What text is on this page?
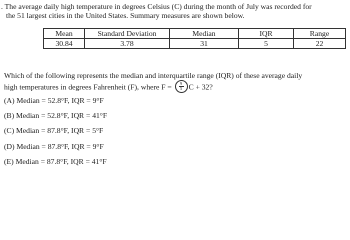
. The average daily high temperature in degrees Celsius (C) during the month of July was recorded for
the 51 largest cities in the United States. Summary measures are shown below.
Mean	Standard Deviation	Median	IQR	Range
30.84	3.78	31	5	22
Which of the following represents the median and interquartile range (IQR) of these average daily
high temperatures in degrees Fahrenheit (F), where $F = \frac{9}{5}$ C + 32?
(A) Median = 52.8°F, IQR = 9°F
(B) Median = 52.8°F, IQR = 41°F
(C) Median = 87.8°F, IQR = 5°F
(D) Median = 87.8°F, IQR = 9°F
(E) Median = 87.8°F, IQR = 41°F
